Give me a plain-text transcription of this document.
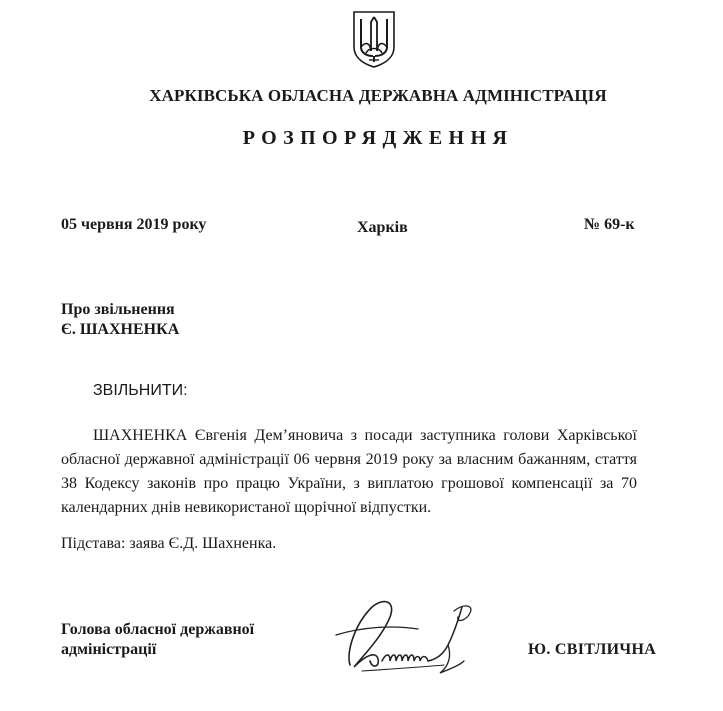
ХАРКІВСЬКА ОБЛАСНА ДЕРЖАВНА АДМІНІСТРАЦІЯ
РОЗПОРЯДЖЕННЯ
05 червня 2019 року	Харків	№ 69-к
Про звільнення
Є. ШАХНЕНКА
ЗВІЛЬНИТИ:
ШАХНЕНКА Євгенія Дем’яновича з посади заступника голови Харківської обласної державної адміністрації 06 червня 2019 року за власним бажанням, стаття 38 Кодексу законів про працю України, з виплатою грошової компенсації за 70 календарних днів невикористаної щорічної відпустки.
Підстава: заява Є.Д. Шахненка.
Голова обласної державної
адміністрації	Ю. СВІТЛИЧНА
